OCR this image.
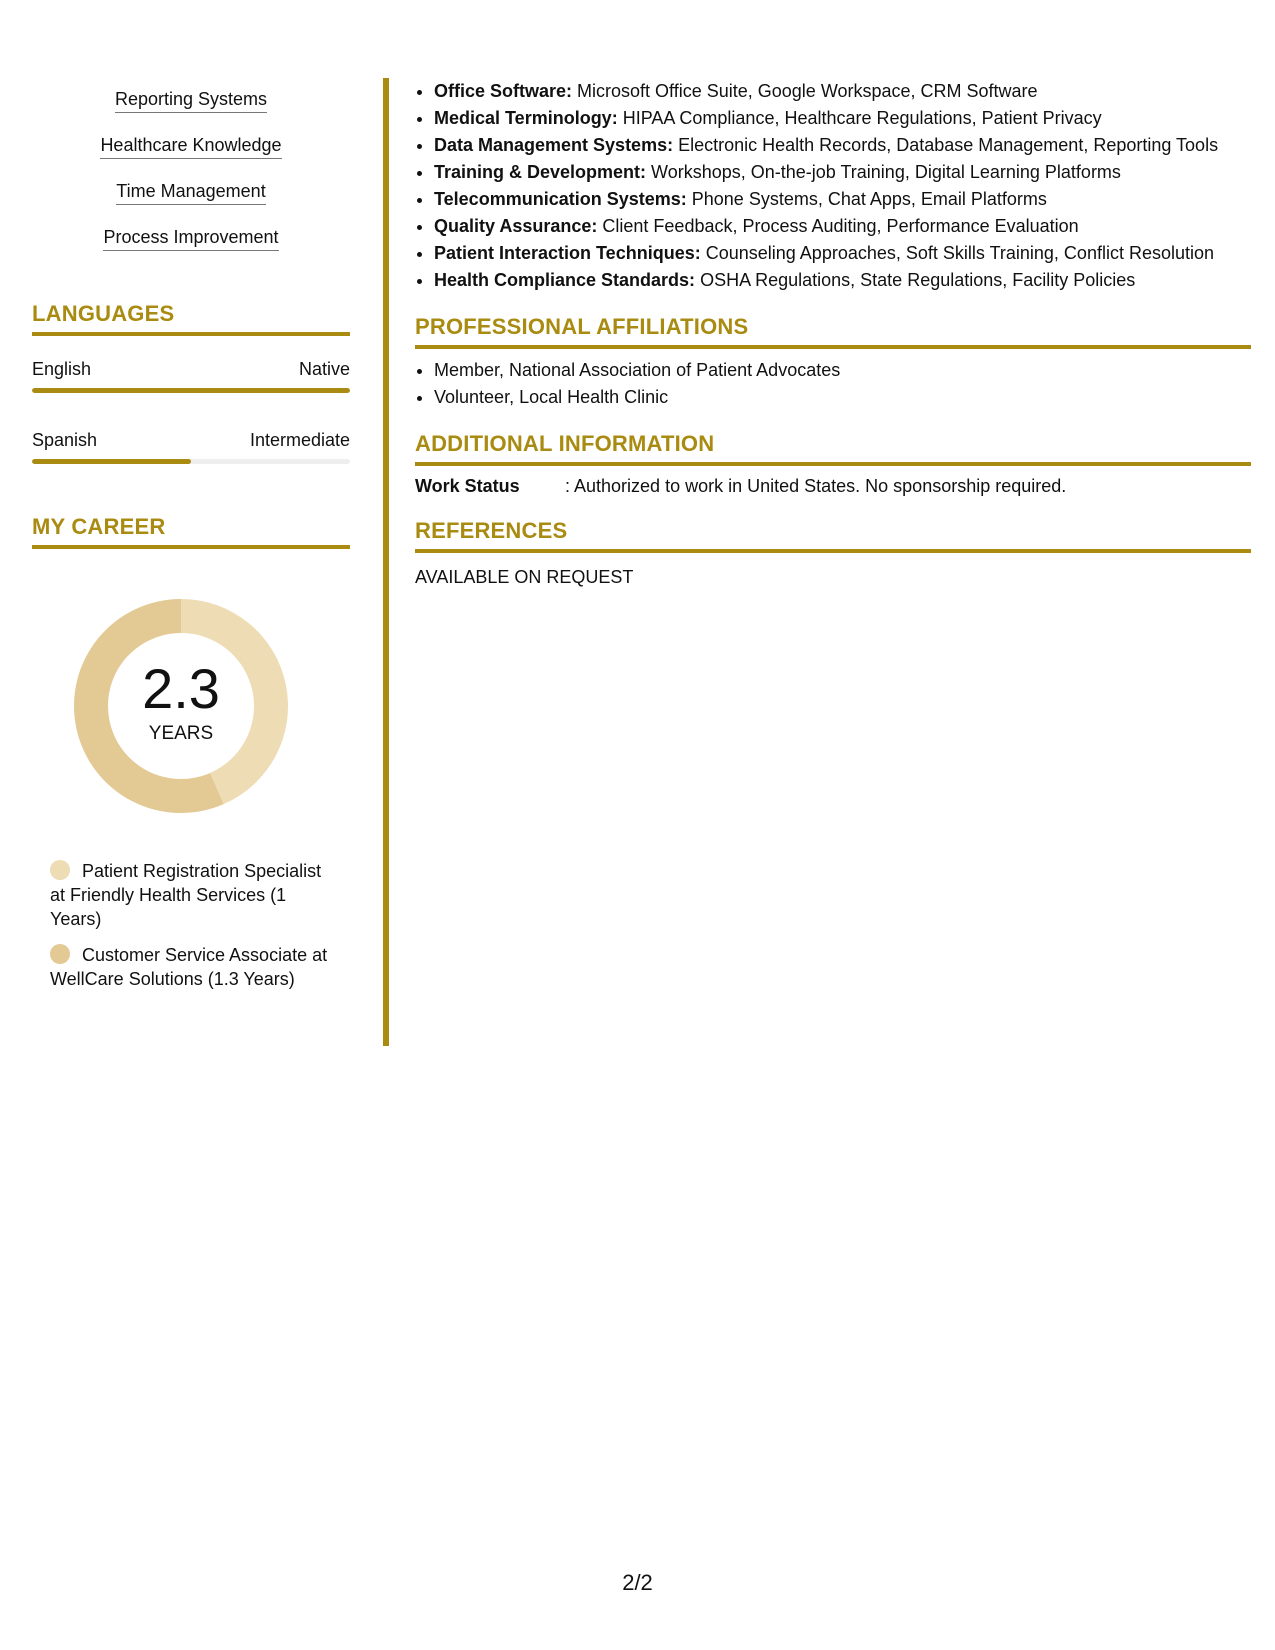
Reporting Systems
Healthcare Knowledge
Time Management
Process Improvement
LANGUAGES
English	Native
Spanish	Intermediate
MY CAREER
2.3
YEARS
Patient Registration Specialist at Friendly Health Services (1 Years)
Customer Service Associate at WellCare Solutions (1.3 Years)
• Office Software: Microsoft Office Suite, Google Workspace, CRM Software
• Medical Terminology: HIPAA Compliance, Healthcare Regulations, Patient Privacy
• Data Management Systems: Electronic Health Records, Database Management, Reporting Tools
• Training & Development: Workshops, On-the-job Training, Digital Learning Platforms
• Telecommunication Systems: Phone Systems, Chat Apps, Email Platforms
• Quality Assurance: Client Feedback, Process Auditing, Performance Evaluation
• Patient Interaction Techniques: Counseling Approaches, Soft Skills Training, Conflict Resolution
• Health Compliance Standards: OSHA Regulations, State Regulations, Facility Policies
PROFESSIONAL AFFILIATIONS
• Member, National Association of Patient Advocates
• Volunteer, Local Health Clinic
ADDITIONAL INFORMATION
Work Status	: Authorized to work in United States. No sponsorship required.
REFERENCES
AVAILABLE ON REQUEST
2/2
